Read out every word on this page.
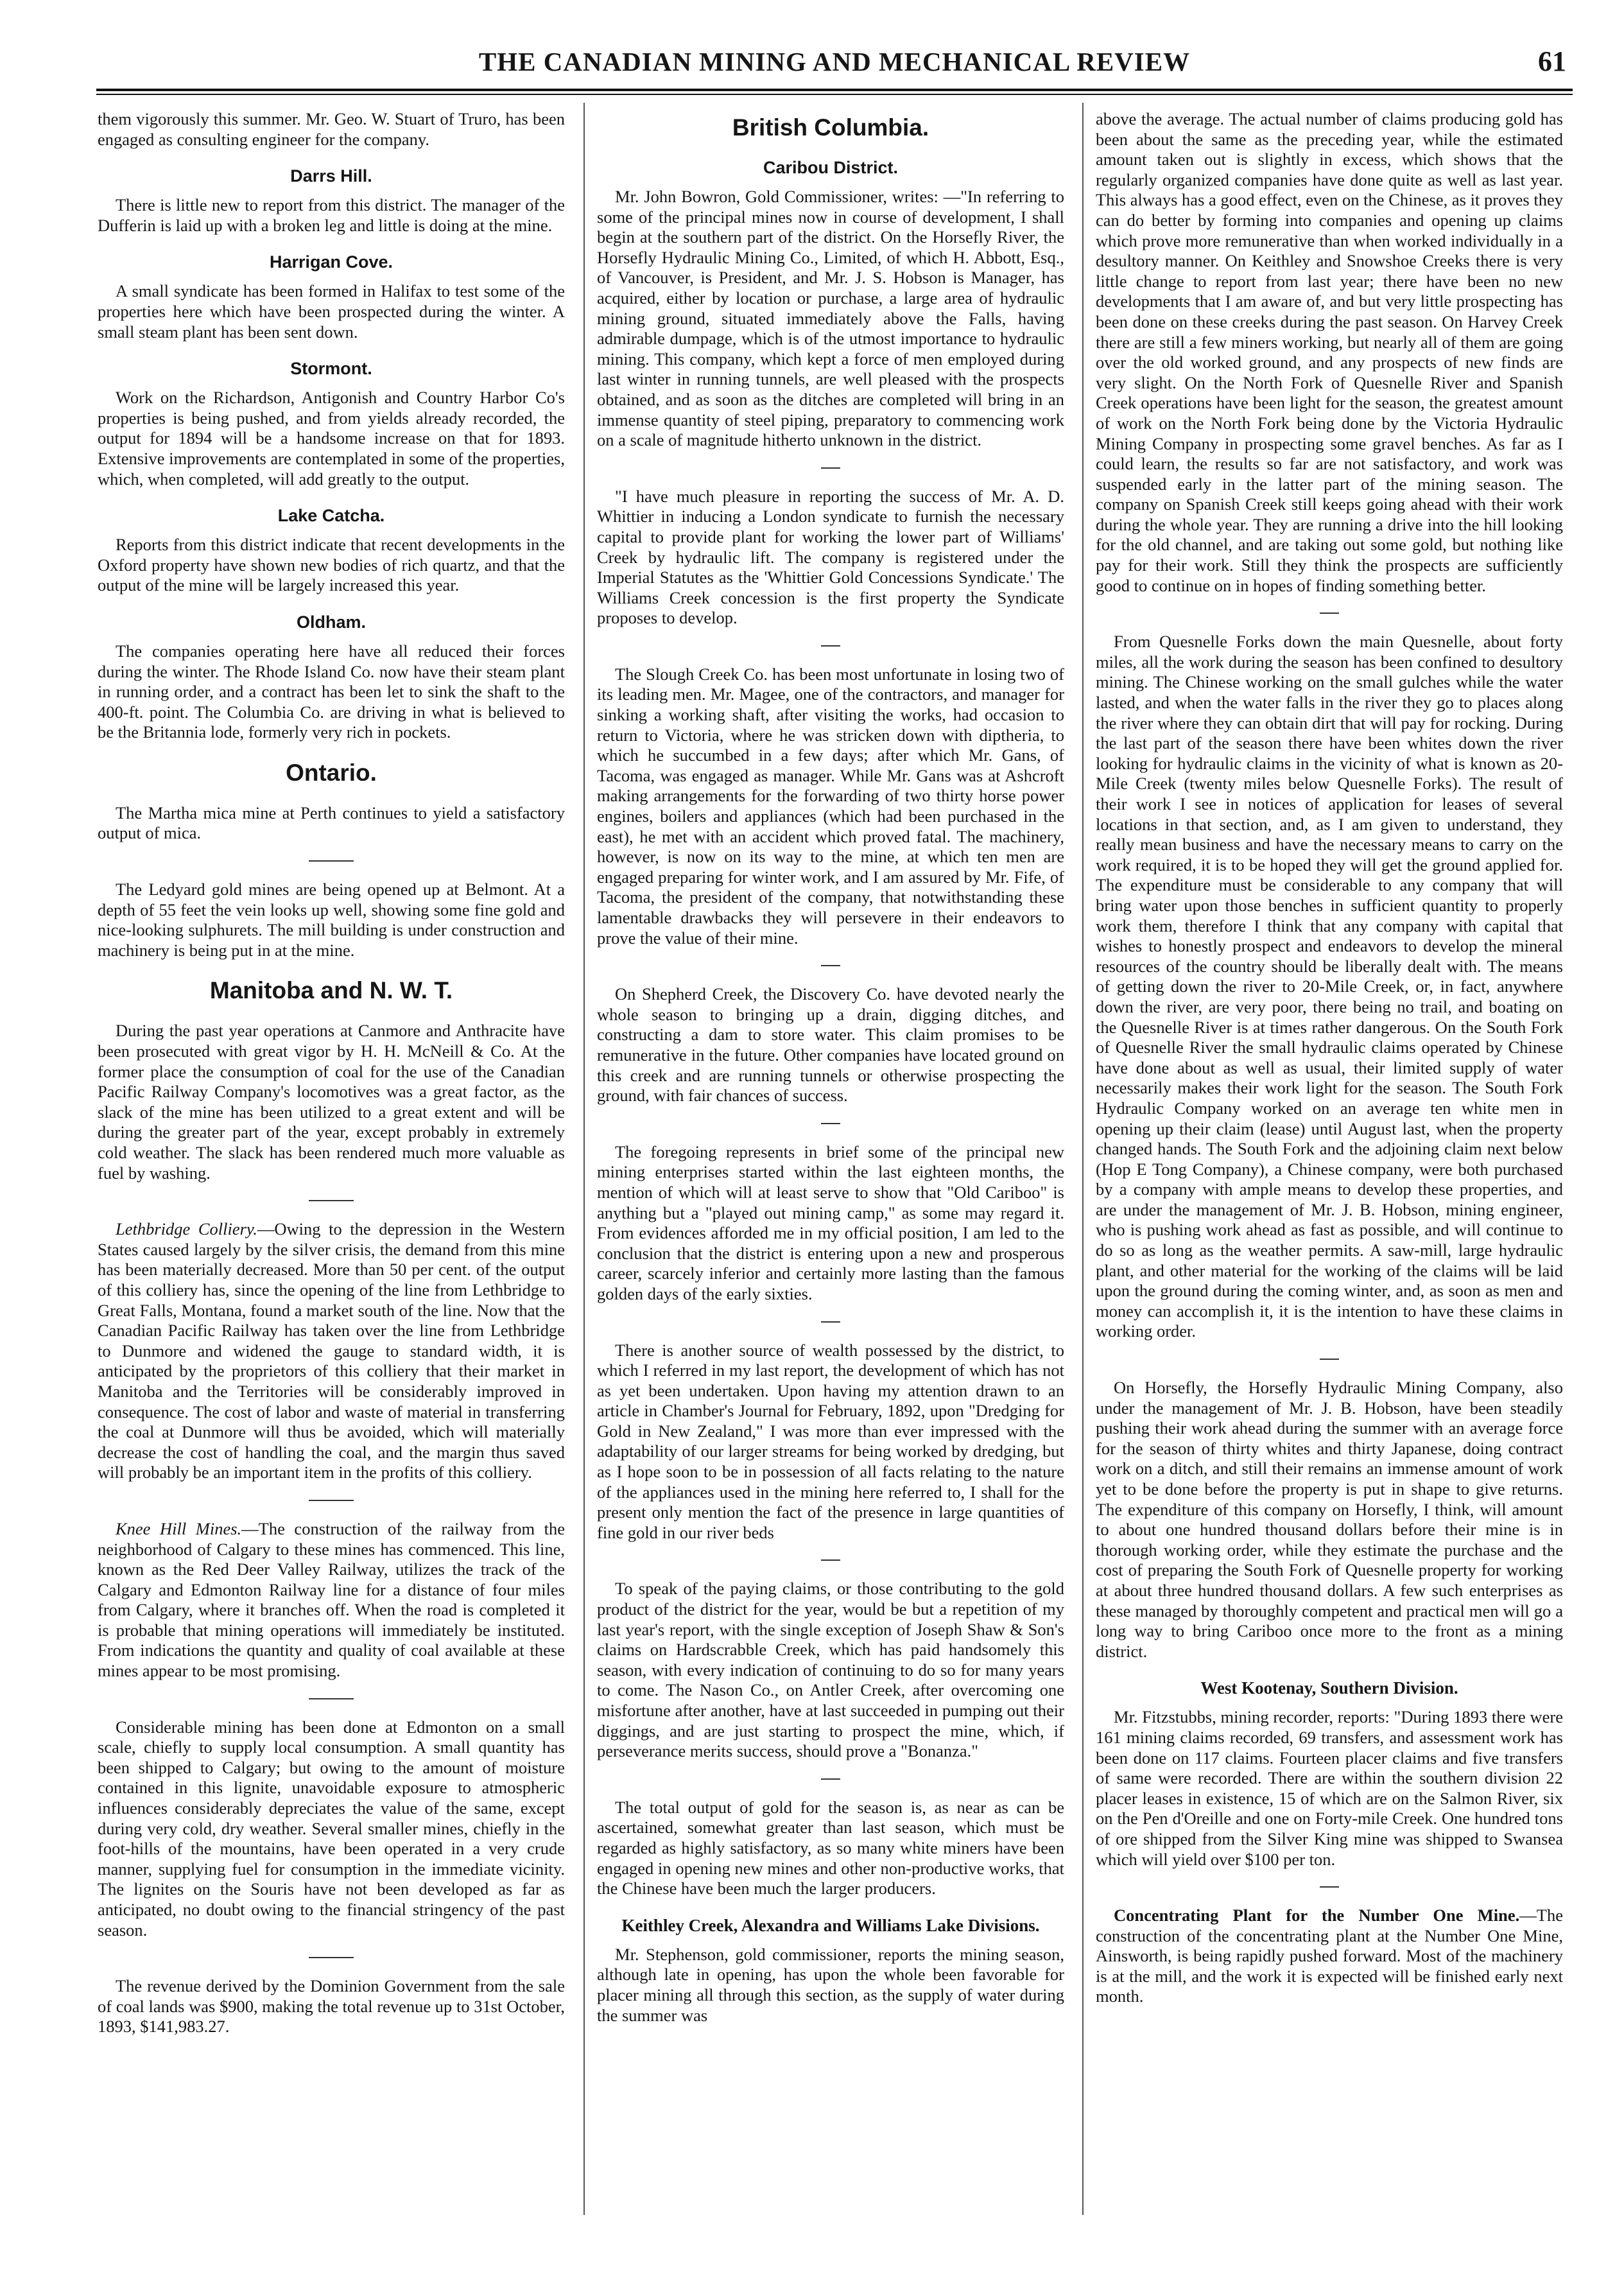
THE CANADIAN MINING AND MECHANICAL REVIEW	61

them vigorously this summer. Mr. Geo. W. Stuart of Truro, has been engaged as consulting engineer for the company.

Darrs Hill.

There is little new to report from this district. The manager of the Dufferin is laid up with a broken leg and little is doing at the mine.

Harrigan Cove.

A small syndicate has been formed in Halifax to test some of the properties here which have been prospected during the winter. A small steam plant has been sent down.

Stormont.

Work on the Richardson, Antigonish and Country Harbor Co's properties is being pushed, and from yields already recorded, the output for 1894 will be a handsome increase on that for 1893. Extensive improvements are contemplated in some of the properties, which, when completed, will add greatly to the output.

Lake Catcha.

Reports from this district indicate that recent developments in the Oxford property have shown new bodies of rich quartz, and that the output of the mine will be largely increased this year.

Oldham.

The companies operating here have all reduced their forces during the winter. The Rhode Island Co. now have their steam plant in running order, and a contract has been let to sink the shaft to the 400-ft. point. The Columbia Co. are driving in what is believed to be the Britannia lode, formerly very rich in pockets.

Ontario.

The Martha mica mine at Perth continues to yield a satisfactory output of mica.

The Ledyard gold mines are being opened up at Belmont. At a depth of 55 feet the vein looks up well, showing some fine gold and nice-looking sulphurets. The mill building is under construction and machinery is being put in at the mine.

Manitoba and N. W. T.

During the past year operations at Canmore and Anthracite have been prosecuted with great vigor by H. H. McNeill & Co. At the former place the consumption of coal for the use of the Canadian Pacific Railway Company's locomotives was a great factor, as the slack of the mine has been utilized to a great extent and will be during the greater part of the year, except probably in extremely cold weather. The slack has been rendered much more valuable as fuel by washing.

Lethbridge Colliery.—Owing to the depression in the Western States caused largely by the silver crisis, the demand from this mine has been materially decreased. More than 50 per cent. of the output of this colliery has, since the opening of the line from Lethbridge to Great Falls, Montana, found a market south of the line. Now that the Canadian Pacific Railway has taken over the line from Lethbridge to Dunmore and widened the gauge to standard width, it is anticipated by the proprietors of this colliery that their market in Manitoba and the Territories will be considerably improved in consequence. The cost of labor and waste of material in transferring the coal at Dunmore will thus be avoided, which will materially decrease the cost of handling the coal, and the margin thus saved will probably be an important item in the profits of this colliery.

Knee Hill Mines.—The construction of the railway from the neighborhood of Calgary to these mines has commenced. This line, known as the Red Deer Valley Railway, utilizes the track of the Calgary and Edmonton Railway line for a distance of four miles from Calgary, where it branches off. When the road is completed it is probable that mining operations will immediately be instituted. From indications the quantity and quality of coal available at these mines appear to be most promising.

Considerable mining has been done at Edmonton on a small scale, chiefly to supply local consumption. A small quantity has been shipped to Calgary; but owing to the amount of moisture contained in this lignite, unavoidable exposure to atmospheric influences considerably depreciates the value of the same, except during very cold, dry weather. Several smaller mines, chiefly in the foot-hills of the mountains, have been operated in a very crude manner, supplying fuel for consumption in the immediate vicinity. The lignites on the Souris have not been developed as far as anticipated, no doubt owing to the financial stringency of the past season.

The revenue derived by the Dominion Government from the sale of coal lands was $900, making the total revenue up to 31st October, 1893, $141,983.27.

British Columbia.
Caribou District.

Mr. John Bowron, Gold Commissioner, writes: —"In referring to some of the principal mines now in course of development, I shall begin at the southern part of the district. On the Horsefly River, the Horsefly Hydraulic Mining Co., Limited, of which H. Abbott, Esq., of Vancouver, is President, and Mr. J. S. Hobson is Manager, has acquired, either by location or purchase, a large area of hydraulic mining ground, situated immediately above the Falls, having admirable dumpage, which is of the utmost importance to hydraulic mining. This company, which kept a force of men employed during last winter in running tunnels, are well pleased with the prospects obtained, and as soon as the ditches are completed will bring in an immense quantity of steel piping, preparatory to commencing work on a scale of magnitude hitherto unknown in the district.

"I have much pleasure in reporting the success of Mr. A. D. Whittier in inducing a London syndicate to furnish the necessary capital to provide plant for working the lower part of Williams' Creek by hydraulic lift. The company is registered under the Imperial Statutes as the 'Whittier Gold Concessions Syndicate.' The Williams Creek concession is the first property the Syndicate proposes to develop.

The Slough Creek Co. has been most unfortunate in losing two of its leading men. Mr. Magee, one of the contractors, and manager for sinking a working shaft, after visiting the works, had occasion to return to Victoria, where he was stricken down with diptheria, to which he succumbed in a few days; after which Mr. Gans, of Tacoma, was engaged as manager. While Mr. Gans was at Ashcroft making arrangements for the forwarding of two thirty horse power engines, boilers and appliances (which had been purchased in the east), he met with an accident which proved fatal. The machinery, however, is now on its way to the mine, at which ten men are engaged preparing for winter work, and I am assured by Mr. Fife, of Tacoma, the president of the company, that notwithstanding these lamentable drawbacks they will persevere in their endeavors to prove the value of their mine.

On Shepherd Creek, the Discovery Co. have devoted nearly the whole season to bringing up a drain, digging ditches, and constructing a dam to store water. This claim promises to be remunerative in the future. Other companies have located ground on this creek and are running tunnels or otherwise prospecting the ground, with fair chances of success.

The foregoing represents in brief some of the principal new mining enterprises started within the last eighteen months, the mention of which will at least serve to show that "Old Cariboo" is anything but a "played out mining camp," as some may regard it. From evidences afforded me in my official position, I am led to the conclusion that the district is entering upon a new and prosperous career, scarcely inferior and certainly more lasting than the famous golden days of the early sixties.

There is another source of wealth possessed by the district, to which I referred in my last report, the development of which has not as yet been undertaken. Upon having my attention drawn to an article in Chamber's Journal for February, 1892, upon "Dredging for Gold in New Zealand," I was more than ever impressed with the adaptability of our larger streams for being worked by dredging, but as I hope soon to be in possession of all facts relating to the nature of the appliances used in the mining here referred to, I shall for the present only mention the fact of the presence in large quantities of fine gold in our river beds

To speak of the paying claims, or those contributing to the gold product of the district for the year, would be but a repetition of my last year's report, with the single exception of Joseph Shaw & Son's claims on Hardscrabble Creek, which has paid handsomely this season, with every indication of continuing to do so for many years to come. The Nason Co., on Antler Creek, after overcoming one misfortune after another, have at last succeeded in pumping out their diggings, and are just starting to prospect the mine, which, if perseverance merits success, should prove a "Bonanza."

The total output of gold for the season is, as near as can be ascertained, somewhat greater than last season, which must be regarded as highly satisfactory, as so many white miners have been engaged in opening new mines and other non-productive works, that the Chinese have been much the larger producers.

Keithley Creek, Alexandra and Williams Lake Divisions.

Mr. Stephenson, gold commissioner, reports the mining season, although late in opening, has upon the whole been favorable for placer mining all through this section, as the supply of water during the summer was

above the average. The actual number of claims producing gold has been about the same as the preceding year, while the estimated amount taken out is slightly in excess, which shows that the regularly organized companies have done quite as well as last year. This always has a good effect, even on the Chinese, as it proves they can do better by forming into companies and opening up claims which prove more remunerative than when worked individually in a desultory manner. On Keithley and Snowshoe Creeks there is very little change to report from last year; there have been no new developments that I am aware of, and but very little prospecting has been done on these creeks during the past season. On Harvey Creek there are still a few miners working, but nearly all of them are going over the old worked ground, and any prospects of new finds are very slight. On the North Fork of Quesnelle River and Spanish Creek operations have been light for the season, the greatest amount of work on the North Fork being done by the Victoria Hydraulic Mining Company in prospecting some gravel benches. As far as I could learn, the results so far are not satisfactory, and work was suspended early in the latter part of the mining season. The company on Spanish Creek still keeps going ahead with their work during the whole year. They are running a drive into the hill looking for the old channel, and are taking out some gold, but nothing like pay for their work. Still they think the prospects are sufficiently good to continue on in hopes of finding something better.

From Quesnelle Forks down the main Quesnelle, about forty miles, all the work during the season has been confined to desultory mining. The Chinese working on the small gulches while the water lasted, and when the water falls in the river they go to places along the river where they can obtain dirt that will pay for rocking. During the last part of the season there have been whites down the river looking for hydraulic claims in the vicinity of what is known as 20-Mile Creek (twenty miles below Quesnelle Forks). The result of their work I see in notices of application for leases of several locations in that section, and, as I am given to understand, they really mean business and have the necessary means to carry on the work required, it is to be hoped they will get the ground applied for. The expenditure must be considerable to any company that will bring water upon those benches in sufficient quantity to properly work them, therefore I think that any company with capital that wishes to honestly prospect and endeavors to develop the mineral resources of the country should be liberally dealt with. The means of getting down the river to 20-Mile Creek, or, in fact, anywhere down the river, are very poor, there being no trail, and boating on the Quesnelle River is at times rather dangerous. On the South Fork of Quesnelle River the small hydraulic claims operated by Chinese have done about as well as usual, their limited supply of water necessarily makes their work light for the season. The South Fork Hydraulic Company worked on an average ten white men in opening up their claim (lease) until August last, when the property changed hands. The South Fork and the adjoining claim next below (Hop E Tong Company), a Chinese company, were both purchased by a company with ample means to develop these properties, and are under the management of Mr. J. B. Hobson, mining engineer, who is pushing work ahead as fast as possible, and will continue to do so as long as the weather permits. A saw-mill, large hydraulic plant, and other material for the working of the claims will be laid upon the ground during the coming winter, and, as soon as men and money can accomplish it, it is the intention to have these claims in working order.

On Horsefly, the Horsefly Hydraulic Mining Company, also under the management of Mr. J. B. Hobson, have been steadily pushing their work ahead during the summer with an average force for the season of thirty whites and thirty Japanese, doing contract work on a ditch, and still their remains an immense amount of work yet to be done before the property is put in shape to give returns. The expenditure of this company on Horsefly, I think, will amount to about one hundred thousand dollars before their mine is in thorough working order, while they estimate the purchase and the cost of preparing the South Fork of Quesnelle property for working at about three hundred thousand dollars. A few such enterprises as these managed by thoroughly competent and practical men will go a long way to bring Cariboo once more to the front as a mining district.

West Kootenay, Southern Division.

Mr. Fitzstubbs, mining recorder, reports: "During 1893 there were 161 mining claims recorded, 69 transfers, and assessment work has been done on 117 claims. Fourteen placer claims and five transfers of same were recorded. There are within the southern division 22 placer leases in existence, 15 of which are on the Salmon River, six on the Pen d'Oreille and one on Forty-mile Creek. One hundred tons of ore shipped from the Silver King mine was shipped to Swansea which will yield over $100 per ton.

Concentrating Plant for the Number One Mine.—The construction of the concentrating plant at the Number One Mine, Ainsworth, is being rapidly pushed forward. Most of the machinery is at the mill, and the work it is expected will be finished early next month.
